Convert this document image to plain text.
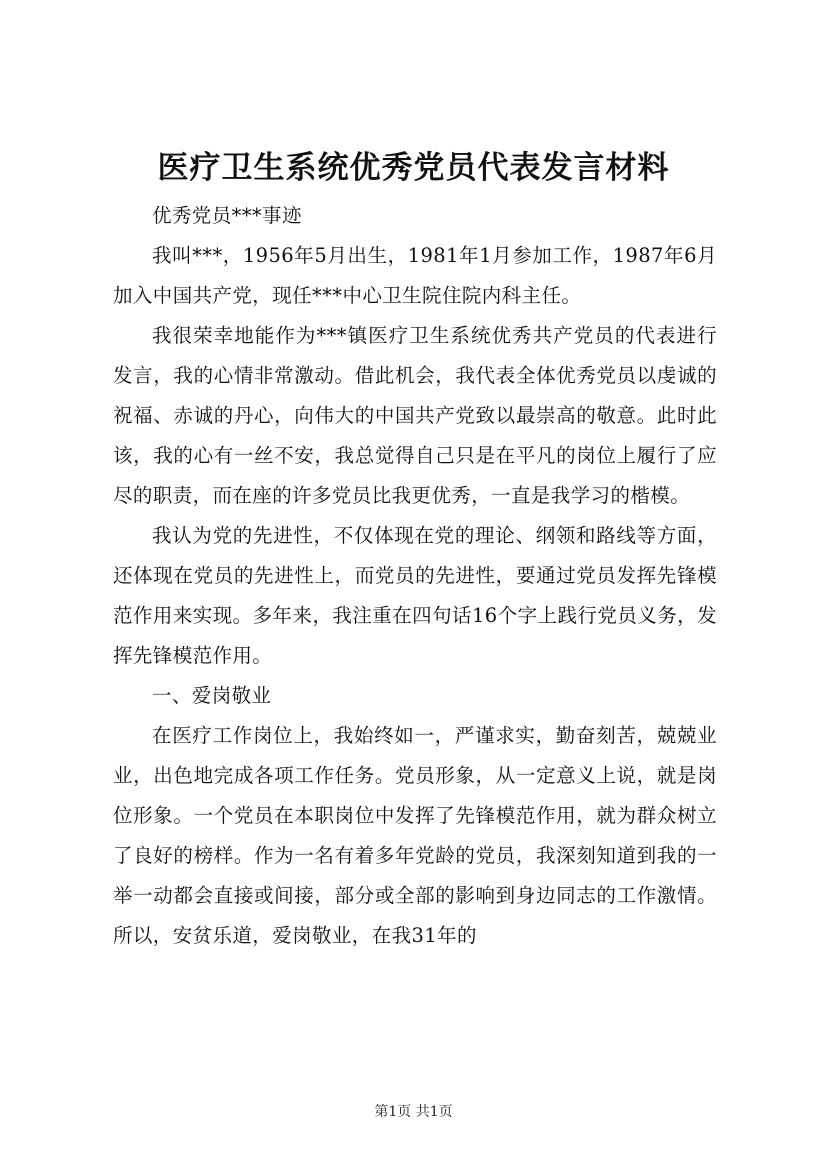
医疗卫生系统优秀党员代表发言材料

优秀党员***事迹

我叫***，1956年5月出生，1981年1月参加工作，1987年6月加入中国共产党，现任***中心卫生院住院内科主任。

我很荣幸地能作为***镇医疗卫生系统优秀共产党员的代表进行发言，我的心情非常激动。借此机会，我代表全体优秀党员以虔诚的祝福、赤诚的丹心，向伟大的中国共产党致以最崇高的敬意。此时此该，我的心有一丝不安，我总觉得自己只是在平凡的岗位上履行了应尽的职责，而在座的许多党员比我更优秀，一直是我学习的楷模。

我认为党的先进性，不仅体现在党的理论、纲领和路线等方面，还体现在党员的先进性上，而党员的先进性，要通过党员发挥先锋模范作用来实现。多年来，我注重在四句话16个字上践行党员义务，发挥先锋模范作用。

一、爱岗敬业

在医疗工作岗位上，我始终如一，严谨求实，勤奋刻苦，兢兢业业，出色地完成各项工作任务。党员形象，从一定意义上说，就是岗位形象。一个党员在本职岗位中发挥了先锋模范作用，就为群众树立了良好的榜样。作为一名有着多年党龄的党员，我深刻知道到我的一举一动都会直接或间接，部分或全部的影响到身边同志的工作激情。所以，安贫乐道，爱岗敬业，在我31年的

第1页 共1页
